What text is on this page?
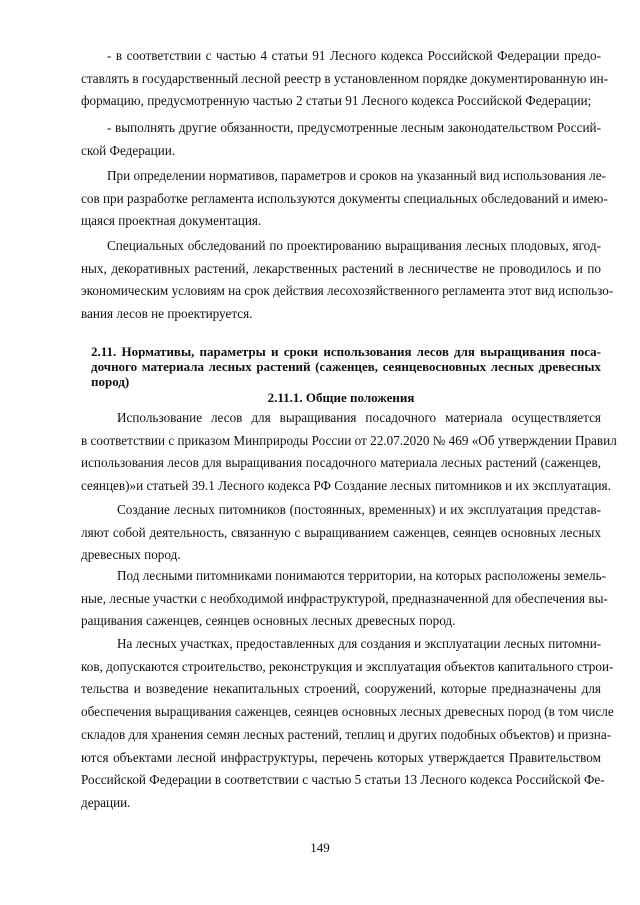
- в соответствии с частью 4 статьи 91 Лесного кодекса Российской Федерации предо-
ставлять в государственный лесной реестр в установленном порядке документированную ин-
формацию, предусмотренную частью 2 статьи 91 Лесного кодекса Российской Федерации;
- выполнять другие обязанности, предусмотренные лесным законодательством Россий-
ской Федерации.
При определении нормативов, параметров и сроков на указанный вид использования ле-
сов при разработке регламента используются документы специальных обследований и имею-
щаяся проектная документация.
Специальных обследований по проектированию выращивания лесных плодовых, ягод-
ных, декоративных растений, лекарственных растений в лесничестве не проводилось и по
экономическим условиям на срок действия лесохозяйственного регламента этот вид использо-
вания лесов не проектируется.
2.11. Нормативы, параметры и сроки использования лесов для выращивания поса-
дочного материала лесных растений (саженцев, сеянцевосновных лесных древесных
пород)
2.11.1. Общие положения
Использование лесов для выращивания посадочного материала осуществляется
в соответствии с приказом Минприроды России от 22.07.2020 № 469 «Об утверждении Правил
использования лесов для выращивания посадочного материала лесных растений (саженцев,
сеянцев)»и статьей 39.1 Лесного кодекса РФ Создание лесных питомников и их эксплуатация.
Создание лесных питомников (постоянных, временных) и их эксплуатация представ-
ляют собой деятельность, связанную с выращиванием саженцев, сеянцев основных лесных
древесных пород.
Под лесными питомниками понимаются территории, на которых расположены земель-
ные, лесные участки с необходимой инфраструктурой, предназначенной для обеспечения вы-
ращивания саженцев, сеянцев основных лесных древесных пород.
На лесных участках, предоставленных для создания и эксплуатации лесных питомни-
ков, допускаются строительство, реконструкция и эксплуатация объектов капитального строи-
тельства и возведение некапитальных строений, сооружений, которые предназначены для
обеспечения выращивания саженцев, сеянцев основных лесных древесных пород (в том числе
складов для хранения семян лесных растений, теплиц и других подобных объектов) и призна-
ются объектами лесной инфраструктуры, перечень которых утверждается Правительством
Российской Федерации в соответствии с частью 5 статьи 13 Лесного кодекса Российской Фе-
дерации.
149
